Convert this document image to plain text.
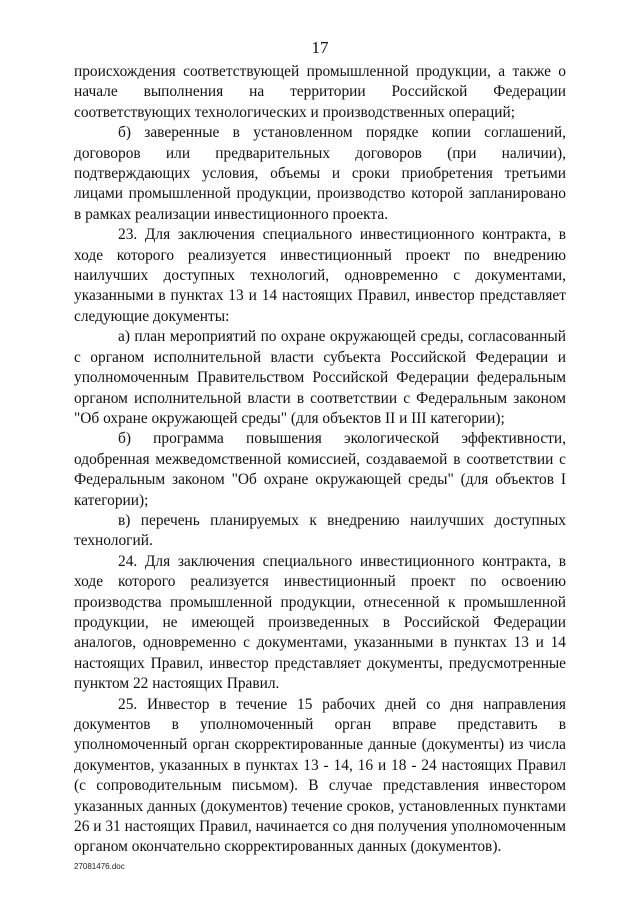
17

происхождения соответствующей промышленной продукции, а также о начале выполнения на территории Российской Федерации соответствующих технологических и производственных операций;

б) заверенные в установленном порядке копии соглашений, договоров или предварительных договоров (при наличии), подтверждающих условия, объемы и сроки приобретения третьими лицами промышленной продукции, производство которой запланировано в рамках реализации инвестиционного проекта.

23. Для заключения специального инвестиционного контракта, в ходе которого реализуется инвестиционный проект по внедрению наилучших доступных технологий, одновременно с документами, указанными в пунктах 13 и 14 настоящих Правил, инвестор представляет следующие документы:

а) план мероприятий по охране окружающей среды, согласованный с органом исполнительной власти субъекта Российской Федерации и уполномоченным Правительством Российской Федерации федеральным органом исполнительной власти в соответствии с Федеральным законом "Об охране окружающей среды" (для объектов II и III категории);

б) программа повышения экологической эффективности, одобренная межведомственной комиссией, создаваемой в соответствии с Федеральным законом "Об охране окружающей среды" (для объектов I категории);

в) перечень планируемых к внедрению наилучших доступных технологий.

24. Для заключения специального инвестиционного контракта, в ходе которого реализуется инвестиционный проект по освоению производства промышленной продукции, отнесенной к промышленной продукции, не имеющей произведенных в Российской Федерации аналогов, одновременно с документами, указанными в пунктах 13 и 14 настоящих Правил, инвестор представляет документы, предусмотренные пунктом 22 настоящих Правил.

25. Инвестор в течение 15 рабочих дней со дня направления документов в уполномоченный орган вправе представить в уполномоченный орган скорректированные данные (документы) из числа документов, указанных в пунктах 13 - 14, 16 и 18 - 24 настоящих Правил (с сопроводительным письмом). В случае представления инвестором указанных данных (документов) течение сроков, установленных пунктами 26 и 31 настоящих Правил, начинается со дня получения уполномоченным органом окончательно скорректированных данных (документов).

27081476.doc
